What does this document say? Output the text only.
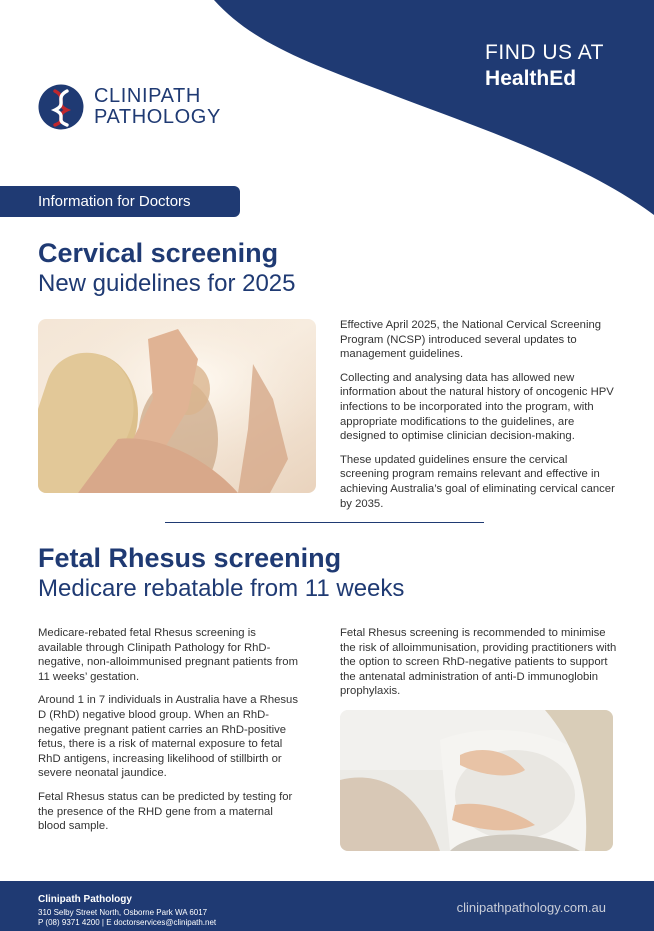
FIND US AT
HealthEd
CLINIPATH
PATHOLOGY
Information for Doctors
Cervical screening
New guidelines for 2025

Effective April 2025, the National Cervical Screening Program (NCSP) introduced several updates to management guidelines.

Collecting and analysing data has allowed new information about the natural history of oncogenic HPV infections to be incorporated into the program, with appropriate modifications to the guidelines, are designed to optimise clinician decision-making.

These updated guidelines ensure the cervical screening program remains relevant and effective in achieving Australia’s goal of eliminating cervical cancer by 2035.

Fetal Rhesus screening
Medicare rebatable from 11 weeks

Medicare-rebated fetal Rhesus screening is available through Clinipath Pathology for RhD-negative, non-alloimmunised pregnant patients from 11 weeks’ gestation.

Around 1 in 7 individuals in Australia have a Rhesus D (RhD) negative blood group. When an RhD-negative pregnant patient carries an RhD-positive fetus, there is a risk of maternal exposure to fetal RhD antigens, increasing likelihood of stillbirth or severe neonatal jaundice.

Fetal Rhesus status can be predicted by testing for the presence of the RHD gene from a maternal blood sample.

Fetal Rhesus screening is recommended to minimise the risk of alloimmunisation, providing practitioners with the option to screen RhD-negative patients to support the antenatal administration of anti-D immunoglobin prophylaxis.

Clinipath Pathology
310 Selby Street North, Osborne Park WA 6017
P (08) 9371 4200 | E doctorservices@clinipath.net
clinipathpathology.com.au
